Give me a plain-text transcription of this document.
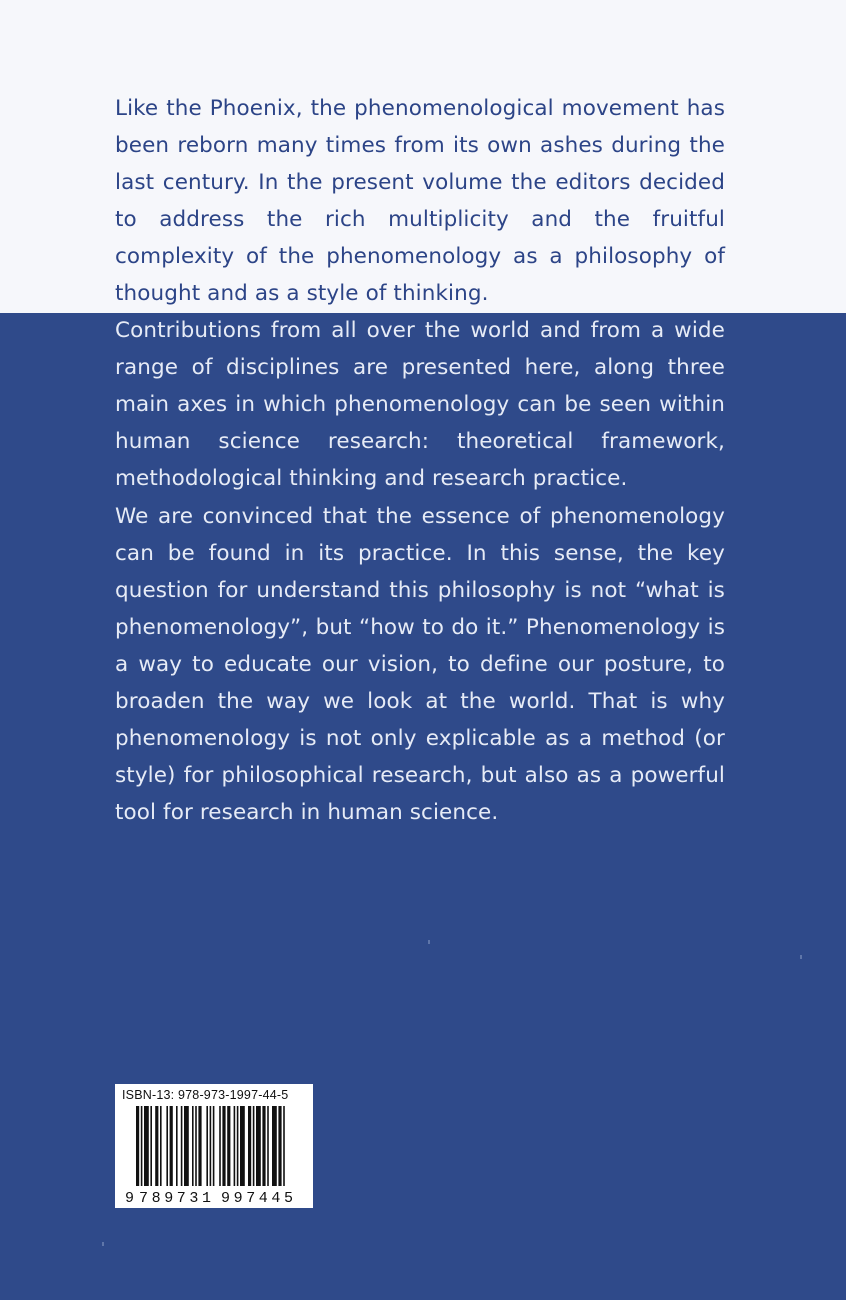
Like the Phoenix, the phenomenological movement has been reborn many times from its own ashes during the last century. In the present volume the editors decided to address the rich multiplicity and the fruitful complexity of the phenomenology as a philosophy of thought and as a style of thinking.
Contributions from all over the world and from a wide range of disciplines are presented here, along three main axes in which phenomenology can be seen within human science research: theoretical framework, methodological thinking and research practice.
We are convinced that the essence of phenomenology can be found in its practice. In this sense, the key question for understand this philosophy is not “what is phenomenology”, but “how to do it.” Phenomenology is a way to educate our vision, to define our posture, to broaden the way we look at the world. That is why phenomenology is not only explicable as a method (or style) for philosophical research, but also as a powerful tool for research in human science.
ISBN-13: 978-973-1997-44-5
9 789731 997445
